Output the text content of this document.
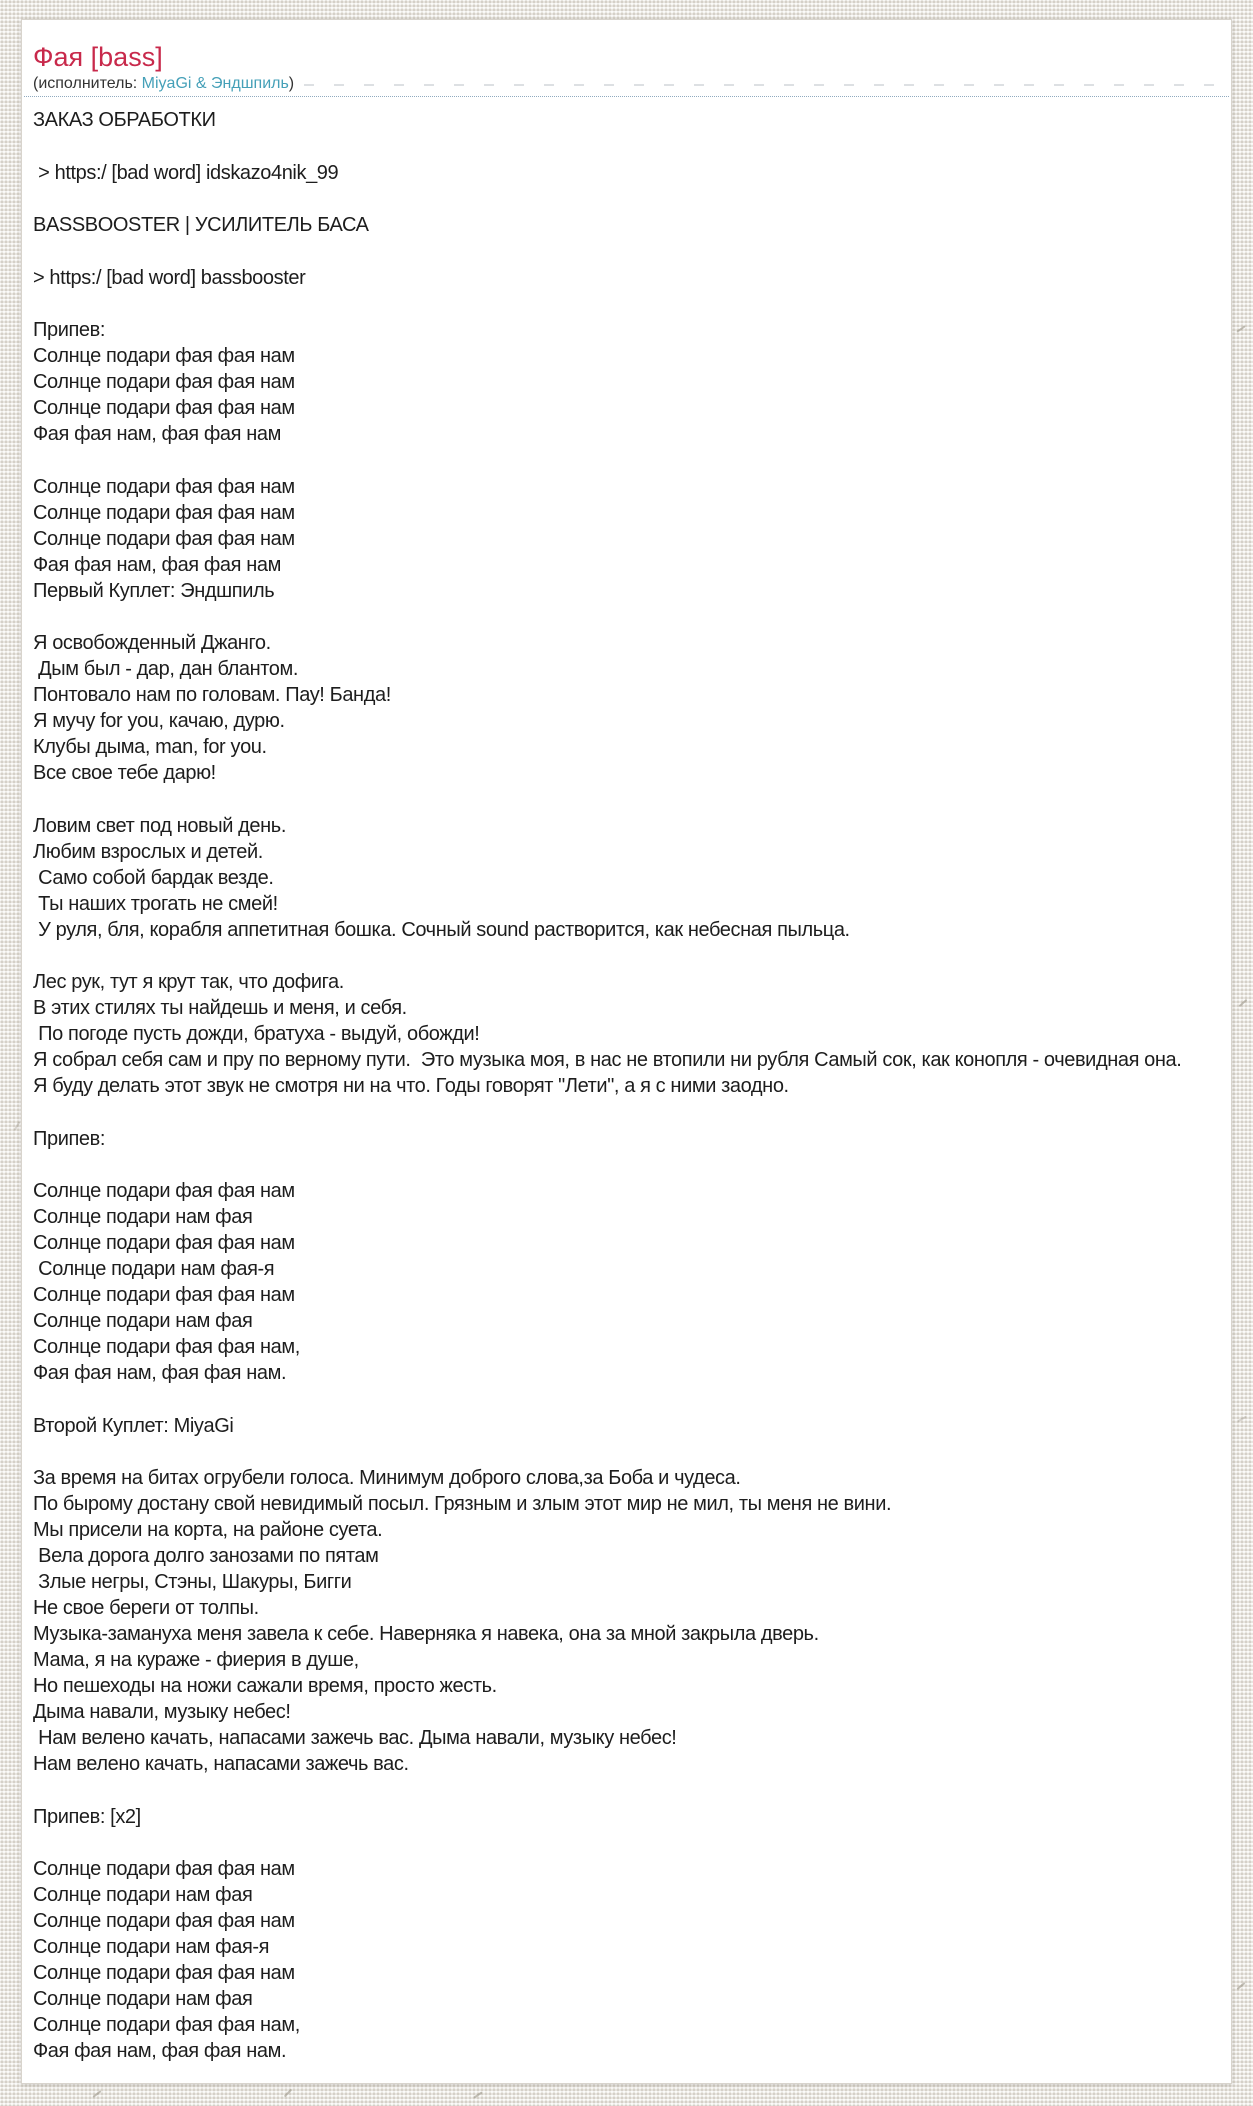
Фая [bass]
(исполнитель: MiyaGi & Эндшпиль)
ЗАКАЗ ОБРАБОТКИ
> https:/ [bad word] idskazo4nik_99
BASSBOOSTER | УСИЛИТЕЛЬ БАСА
> https:/ [bad word] bassbooster
Припев:
Солнце подари фая фая нам
Солнце подари фая фая нам
Солнце подари фая фая нам
Фая фая нам, фая фая нам
Солнце подари фая фая нам
Солнце подари фая фая нам
Солнце подари фая фая нам
Фая фая нам, фая фая нам
Первый Куплет: Эндшпиль
Я освобожденный Джанго.
Дым был - дар, дан блантом.
Понтовало нам по головам. Пау! Банда!
Я мучу for you, качаю, дурю.
Клубы дыма, man, for you.
Все свое тебе дарю!
Ловим свет под новый день.
Любим взрослых и детей.
Само собой бардак везде.
Ты наших трогать не смей!
У руля, бля, корабля аппетитная бошка. Сочный sound растворится, как небесная пыльца.
Лес рук, тут я крут так, что дофига.
В этих стилях ты найдешь и меня, и себя.
По погоде пусть дожди, братуха - выдуй, обожди!
Я собрал себя сам и пру по верному пути.  Это музыка моя, в нас не втопили ни рубля Самый сок, как конопля - очевидная она.
Я буду делать этот звук не смотря ни на что. Годы говорят "Лети", а я с ними заодно.
Припев:
Солнце подари фая фая нам
Солнце подари нам фая
Солнце подари фая фая нам
Солнце подари нам фая-я
Солнце подари фая фая нам
Солнце подари нам фая
Солнце подари фая фая нам,
Фая фая нам, фая фая нам.
Второй Куплет: MiyaGi
За время на битах огрубели голоса. Минимум доброго слова,за Боба и чудеса.
По бырому достану свой невидимый посыл. Грязным и злым этот мир не мил, ты меня не вини.
Мы присели на корта, на районе суета.
Вела дорога долго занозами по пятам
Злые негры, Стэны, Шакуры, Бигги
Не свое береги от толпы.
Музыка-замануха меня завела к себе. Наверняка я навека, она за мной закрыла дверь.
Мама, я на кураже - фиерия в душе,
Но пешеходы на ножи сажали время, просто жесть.
Дыма навали, музыку небес!
Нам велено качать, напасами зажечь вас. Дыма навали, музыку небес!
Нам велено качать, напасами зажечь вас.
Припев: [x2]
Солнце подари фая фая нам
Солнце подари нам фая
Солнце подари фая фая нам
Солнце подари нам фая-я
Солнце подари фая фая нам
Солнце подари нам фая
Солнце подари фая фая нам,
Фая фая нам, фая фая нам.
